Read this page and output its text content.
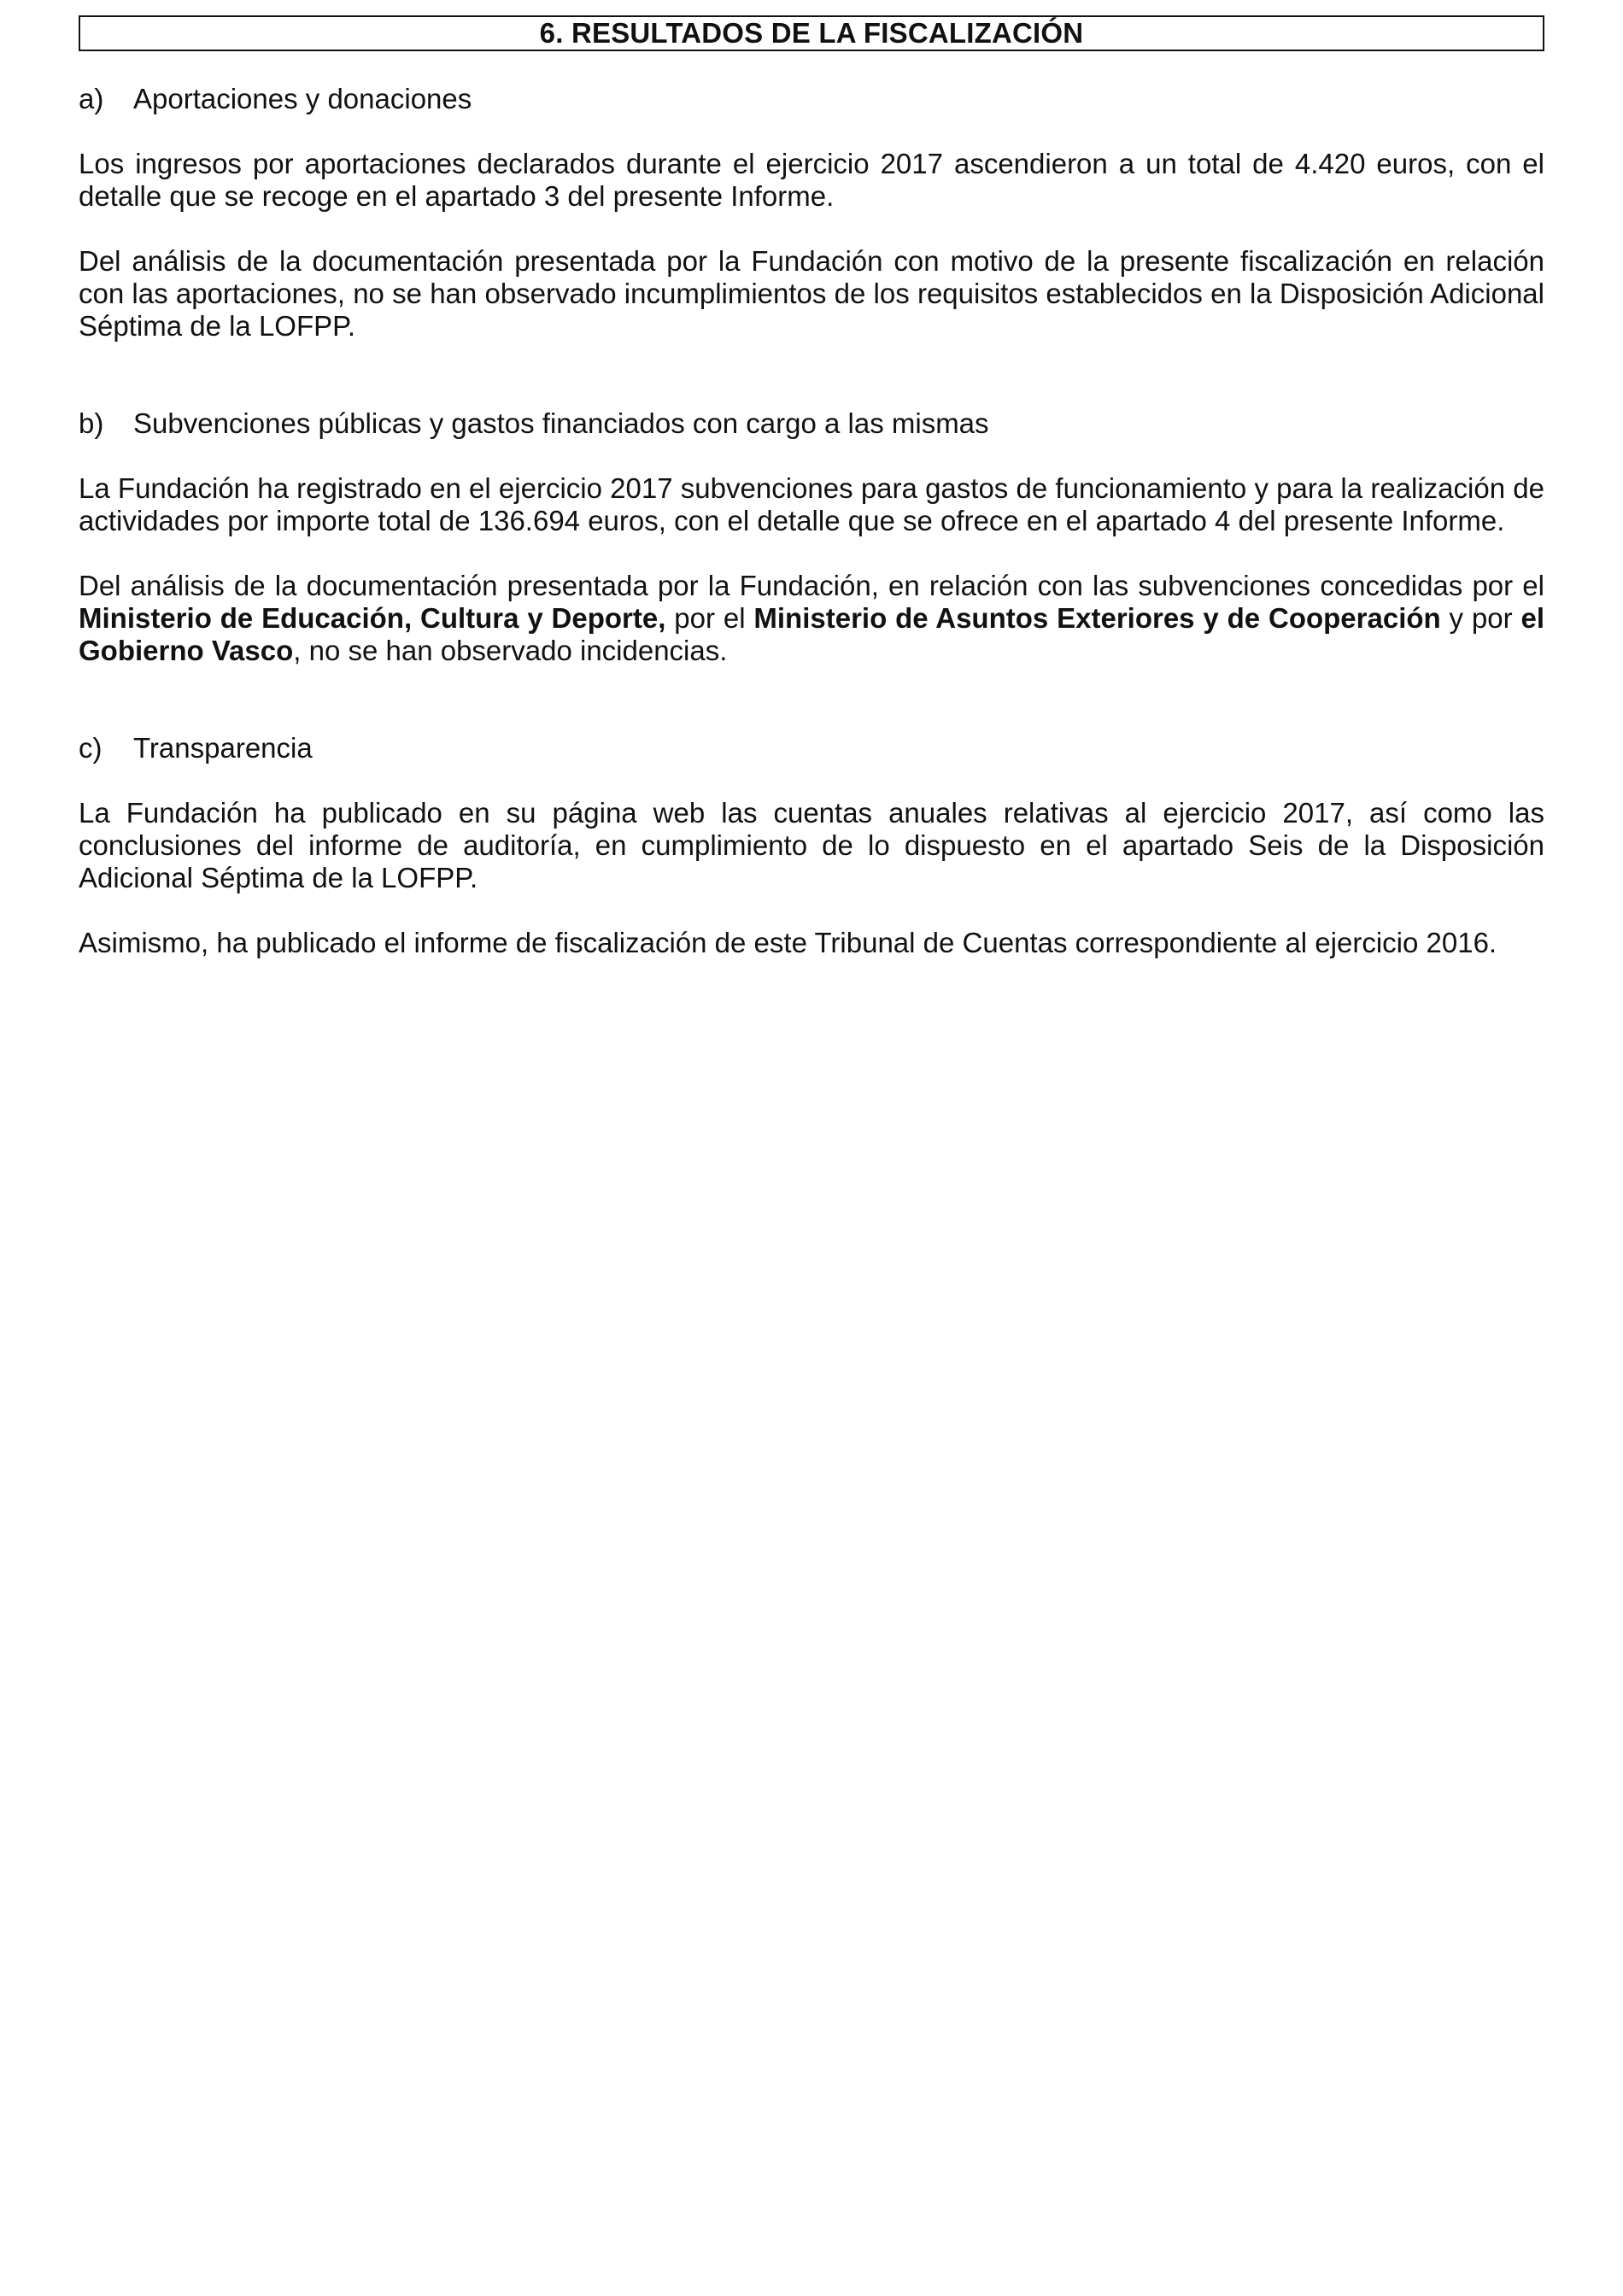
6. RESULTADOS DE LA FISCALIZACIÓN
a)	Aportaciones y donaciones

Los ingresos por aportaciones declarados durante el ejercicio 2017 ascendieron a un total de 4.420 euros, con el detalle que se recoge en el apartado 3 del presente Informe.

Del análisis de la documentación presentada por la Fundación con motivo de la presente fiscalización en relación con las aportaciones, no se han observado incumplimientos de los requisitos establecidos en la Disposición Adicional Séptima de la LOFPP.

b)	Subvenciones públicas y gastos financiados con cargo a las mismas

La Fundación ha registrado en el ejercicio 2017 subvenciones para gastos de funcionamiento y para la realización de actividades por importe total de 136.694 euros, con el detalle que se ofrece en el apartado 4 del presente Informe.

Del análisis de la documentación presentada por la Fundación, en relación con las subvenciones concedidas por el Ministerio de Educación, Cultura y Deporte, por el Ministerio de Asuntos Exteriores y de Cooperación y por el Gobierno Vasco, no se han observado incidencias.

c)	Transparencia

La Fundación ha publicado en su página web las cuentas anuales relativas al ejercicio 2017, así como las conclusiones del informe de auditoría, en cumplimiento de lo dispuesto en el apartado Seis de la Disposición Adicional Séptima de la LOFPP.

Asimismo, ha publicado el informe de fiscalización de este Tribunal de Cuentas correspondiente al ejercicio 2016.
